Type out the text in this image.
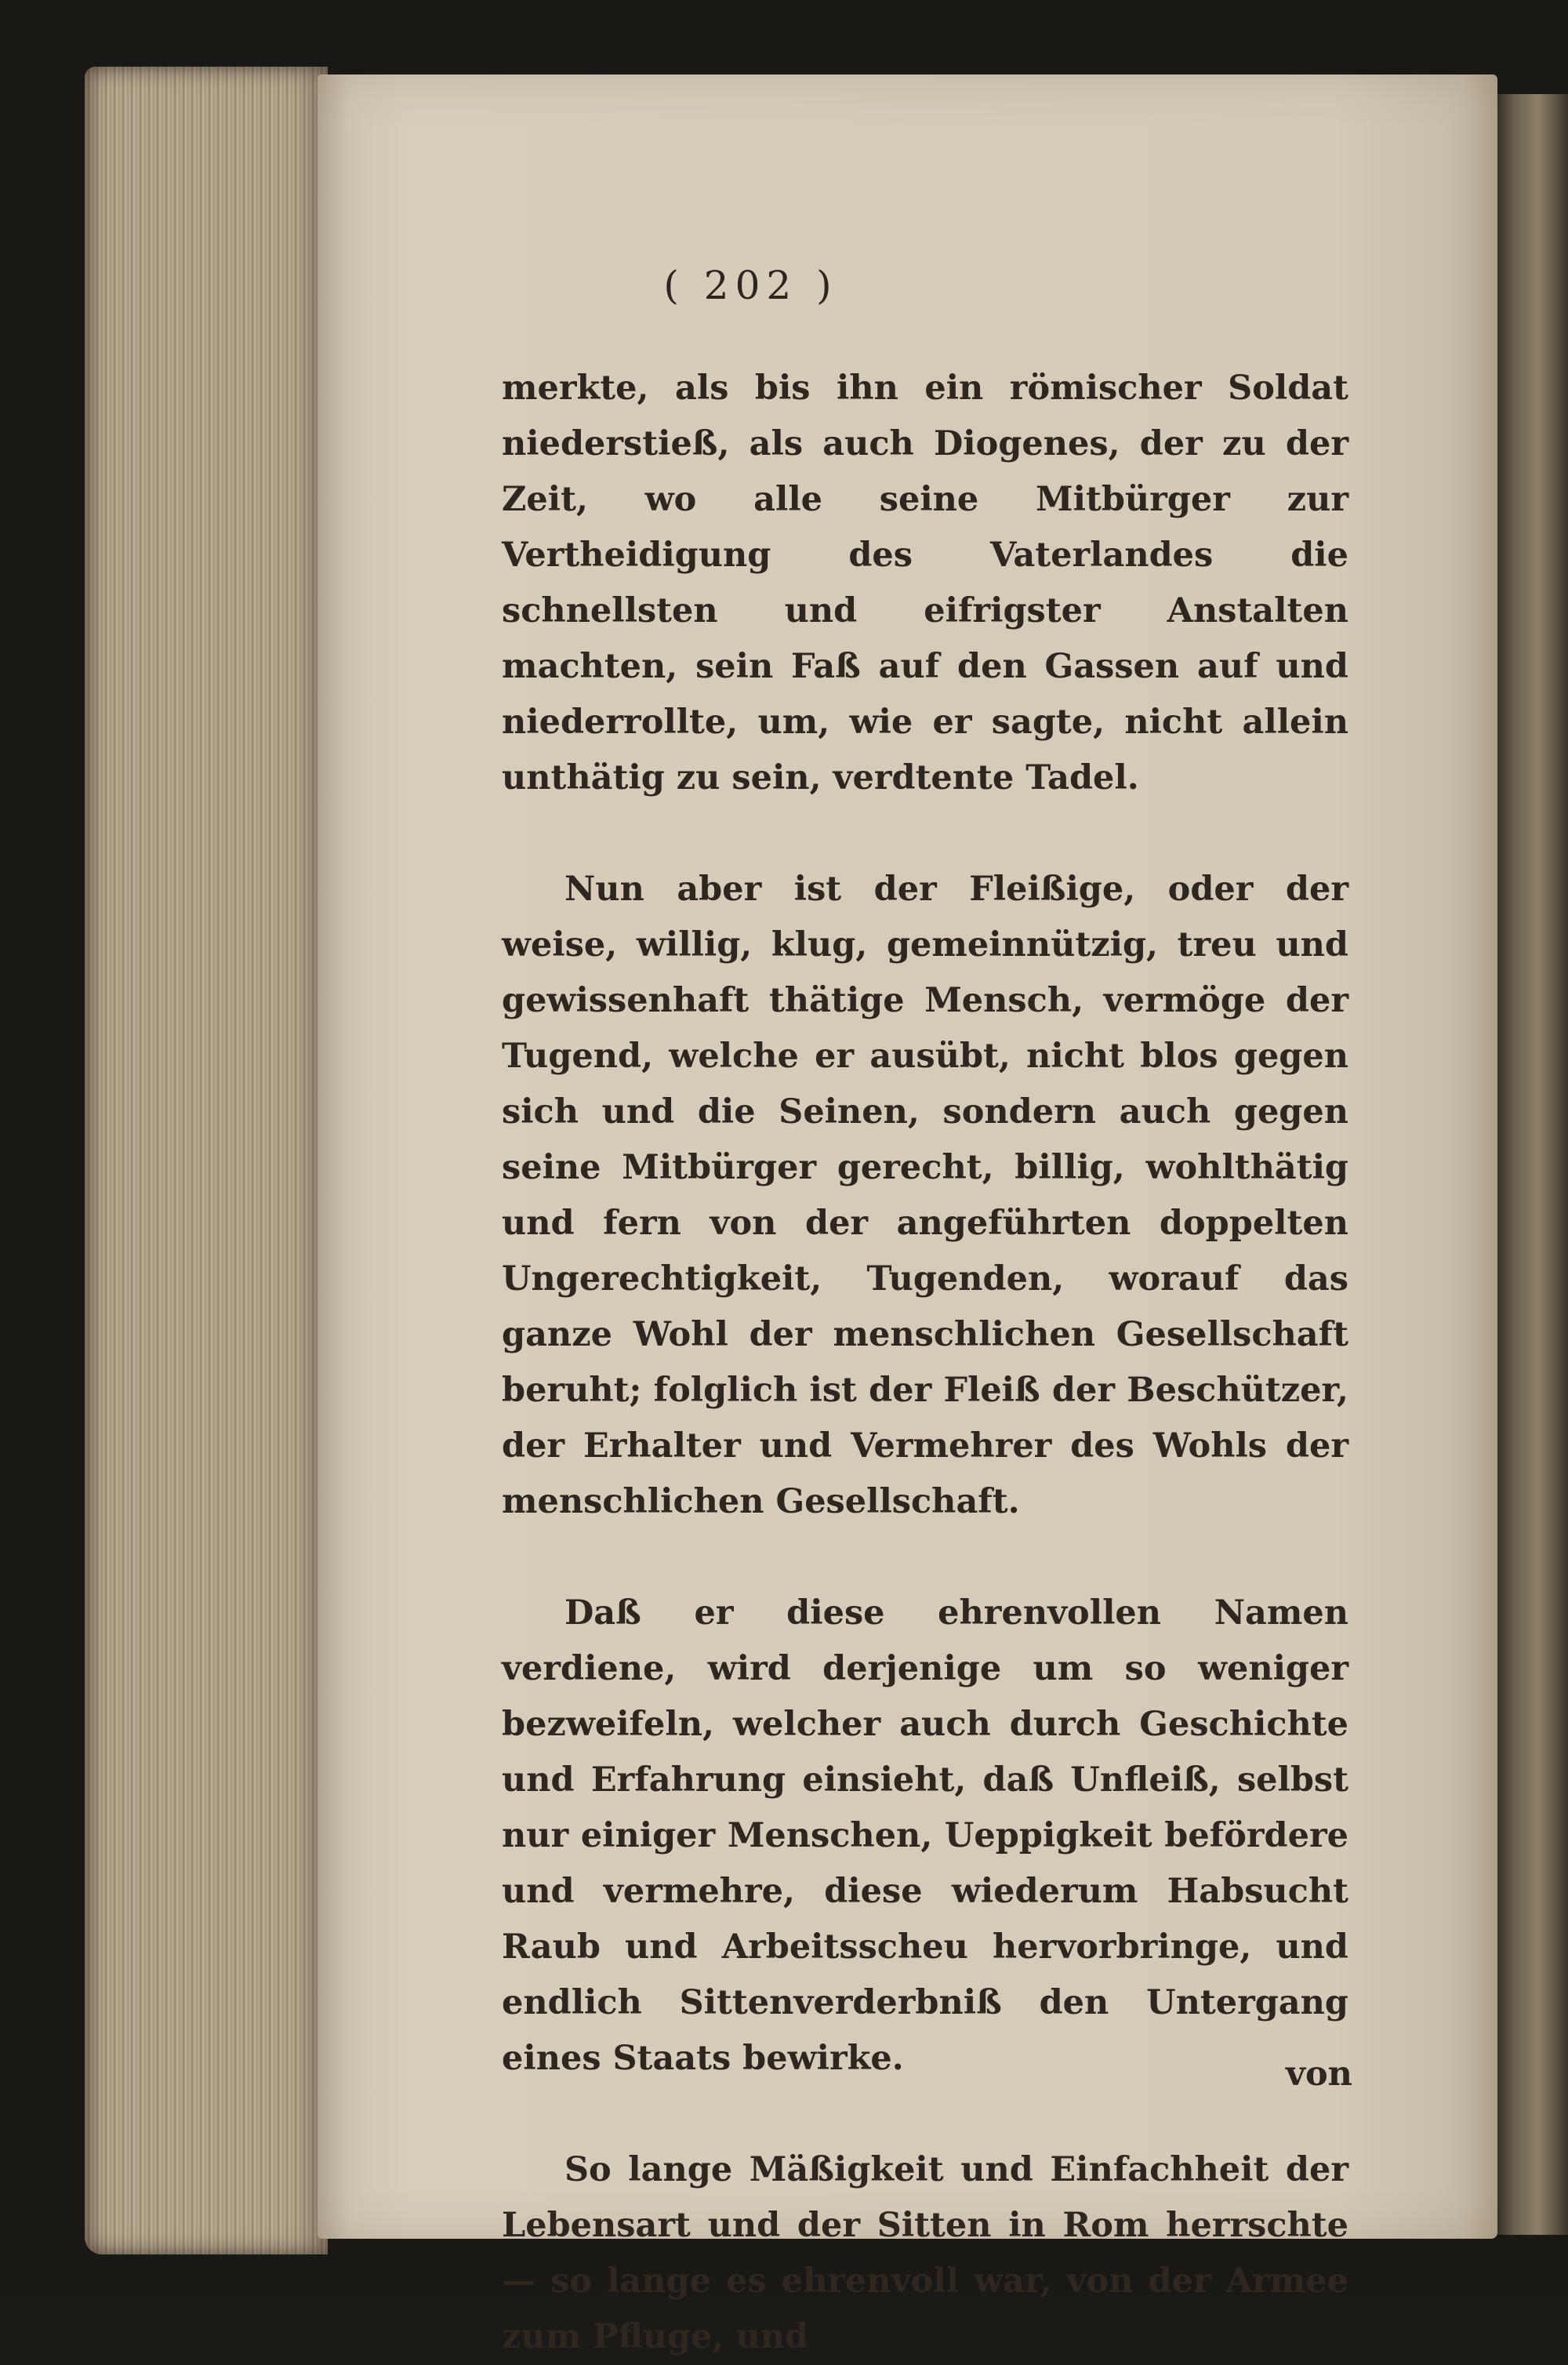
( 202 )

merkte, als bis ihn ein römischer Soldat niederstieß, als auch Diogenes, der zu der Zeit, wo alle seine Mitbürger zur Vertheidigung des Vaterlandes die schnellsten und eifrigster Anstalten machten, sein Faß auf den Gassen auf und niederrollte, um, wie er sagte, nicht allein unthätig zu sein, verdtente Tadel.

Nun aber ist der Fleißige, oder der weise, willig, klug, gemeinnützig, treu und gewissenhaft thätige Mensch, vermöge der Tugend, welche er ausübt, nicht blos gegen sich und die Seinen, sondern auch gegen seine Mitbürger gerecht, billig, wohlthätig und fern von der angeführten doppelten Ungerechtigkeit, Tugenden, worauf das ganze Wohl der menschlichen Gesellschaft beruht; folglich ist der Fleiß der Beschützer, der Erhalter und Vermehrer des Wohls der menschlichen Gesellschaft.

Daß er diese ehrenvollen Namen verdiene, wird derjenige um so weniger bezweifeln, welcher auch durch Geschichte und Erfahrung einsieht, daß Unfleiß, selbst nur einiger Menschen, Ueppigkeit befördere und vermehre, diese wiederum Habsucht Raub und Arbeitsscheu hervorbringe, und endlich Sittenverderbniß den Untergang eines Staats bewirke.

So lange Mäßigkeit und Einfachheit der Lebensart und der Sitten in Rom herrschte — so lange es ehrenvoll war, von der Armee zum Pfluge, und

von
